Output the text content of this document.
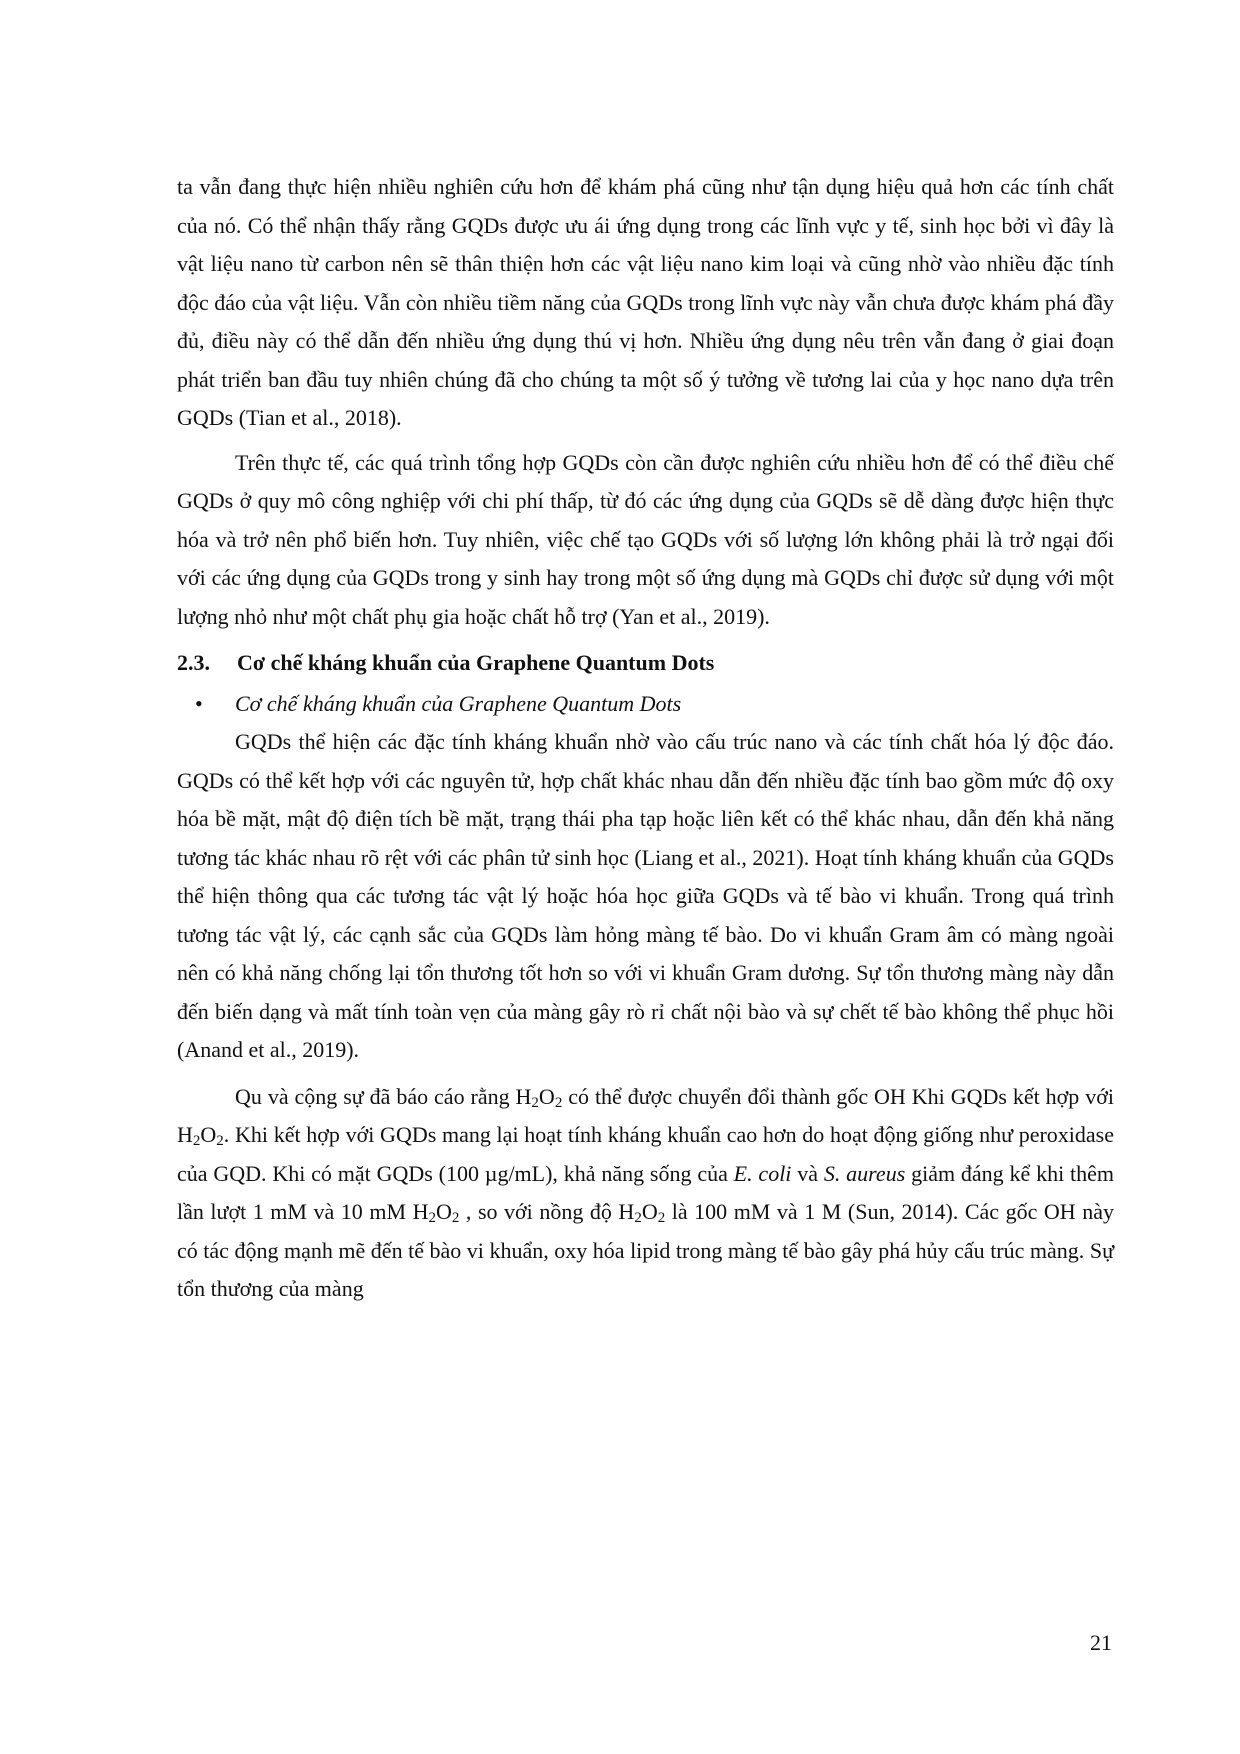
ta vẫn đang thực hiện nhiều nghiên cứu hơn để khám phá cũng như tận dụng hiệu quả hơn các tính chất của nó. Có thể nhận thấy rằng GQDs được ưu ái ứng dụng trong các lĩnh vực y tế, sinh học bởi vì đây là vật liệu nano từ carbon nên sẽ thân thiện hơn các vật liệu nano kim loại và cũng nhờ vào nhiều đặc tính độc đáo của vật liệu. Vẫn còn nhiều tiềm năng của GQDs trong lĩnh vực này vẫn chưa được khám phá đầy đủ, điều này có thể dẫn đến nhiều ứng dụng thú vị hơn. Nhiều ứng dụng nêu trên vẫn đang ở giai đoạn phát triển ban đầu tuy nhiên chúng đã cho chúng ta một số ý tưởng về tương lai của y học nano dựa trên GQDs (Tian et al., 2018).

Trên thực tế, các quá trình tổng hợp GQDs còn cần được nghiên cứu nhiều hơn để có thể điều chế GQDs ở quy mô công nghiệp với chi phí thấp, từ đó các ứng dụng của GQDs sẽ dễ dàng được hiện thực hóa và trở nên phổ biến hơn. Tuy nhiên, việc chế tạo GQDs với số lượng lớn không phải là trở ngại đối với các ứng dụng của GQDs trong y sinh hay trong một số ứng dụng mà GQDs chỉ được sử dụng với một lượng nhỏ như một chất phụ gia hoặc chất hỗ trợ (Yan et al., 2019).

2.3.	Cơ chế kháng khuẩn của Graphene Quantum Dots
•	Cơ chế kháng khuẩn của Graphene Quantum Dots

GQDs thể hiện các đặc tính kháng khuẩn nhờ vào cấu trúc nano và các tính chất hóa lý độc đáo. GQDs có thể kết hợp với các nguyên tử, hợp chất khác nhau dẫn đến nhiều đặc tính bao gồm mức độ oxy hóa bề mặt, mật độ điện tích bề mặt, trạng thái pha tạp hoặc liên kết có thể khác nhau, dẫn đến khả năng tương tác khác nhau rõ rệt với các phân tử sinh học (Liang et al., 2021). Hoạt tính kháng khuẩn của GQDs thể hiện thông qua các tương tác vật lý hoặc hóa học giữa GQDs và tế bào vi khuẩn. Trong quá trình tương tác vật lý, các cạnh sắc của GQDs làm hỏng màng tế bào. Do vi khuẩn Gram âm có màng ngoài nên có khả năng chống lại tổn thương tốt hơn so với vi khuẩn Gram dương. Sự tổn thương màng này dẫn đến biến dạng và mất tính toàn vẹn của màng gây rò rỉ chất nội bào và sự chết tế bào không thể phục hồi (Anand et al., 2019).

Qu và cộng sự đã báo cáo rằng $H_2O_2$ có thể được chuyển đổi thành gốc OH Khi GQDs kết hợp với $H_2O_2$. Khi kết hợp với GQDs mang lại hoạt tính kháng khuẩn cao hơn do hoạt động giống như peroxidase của GQD. Khi có mặt GQDs (100 µg/mL), khả năng sống của E. coli và S. aureus giảm đáng kể khi thêm lần lượt 1 mM và 10 mM $H_2O_2$ , so với nồng độ $H_2O_2$ là 100 mM và 1 M (Sun, 2014). Các gốc OH này có tác động mạnh mẽ đến tế bào vi khuẩn, oxy hóa lipid trong màng tế bào gây phá hủy cấu trúc màng. Sự tổn thương của màng

21
